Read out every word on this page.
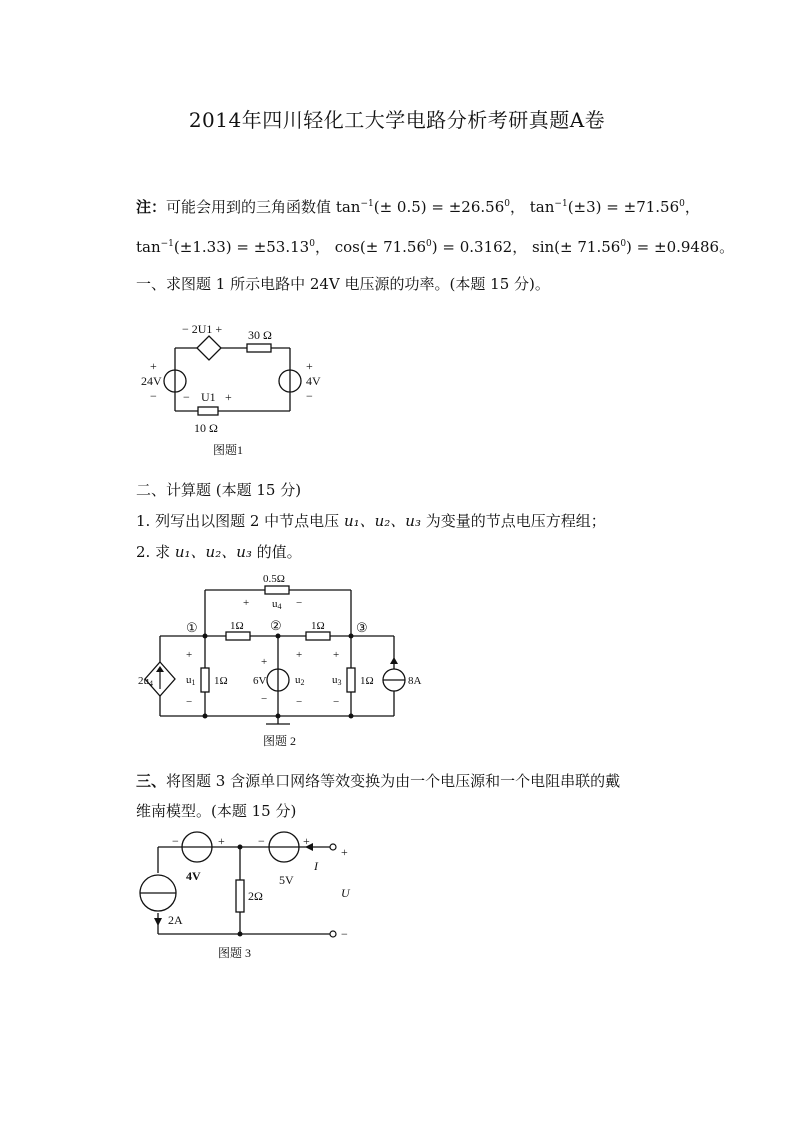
2014年四川轻化工大学电路分析考研真题A卷
注：可能会用到的三角函数值 $\tan^{-1}(\pm 0.5) = \pm 26.56^0$， $\tan^{-1}(\pm 3) = \pm 71.56^0$，
$\tan^{-1}(\pm 1.33) = \pm 53.13^0$， $\cos(\pm 71.56^0) = 0.3162$， $\sin(\pm 71.56^0) = \pm 0.9486$。
一、求图题 1 所示电路中 24V 电压源的功率。(本题 15 分)。
− 2U1 + 30 Ω
+
24V
−
+
4V
−
− U1 +
10 Ω
图题1
二、计算题 (本题 15 分)
1. 列写出以图题 2 中节点电压 u₁、u₂、u₃ 为变量的节点电压方程组；
2. 求 u₁、u₂、u₃ 的值。
0.5Ω
+ u4 −
①	②	③
1Ω	1Ω
2u4
+
u1
−
1Ω
+
6V
−
+
u2
−
+
u3
−
1Ω	8A
图题 2
三、将图题 3 含源单口网络等效变换为由一个电压源和一个电阻串联的戴
维南模型。(本题 15 分)
−	+
4V
−	+
5V
I
+
U
−
2Ω
2A
图题 3
